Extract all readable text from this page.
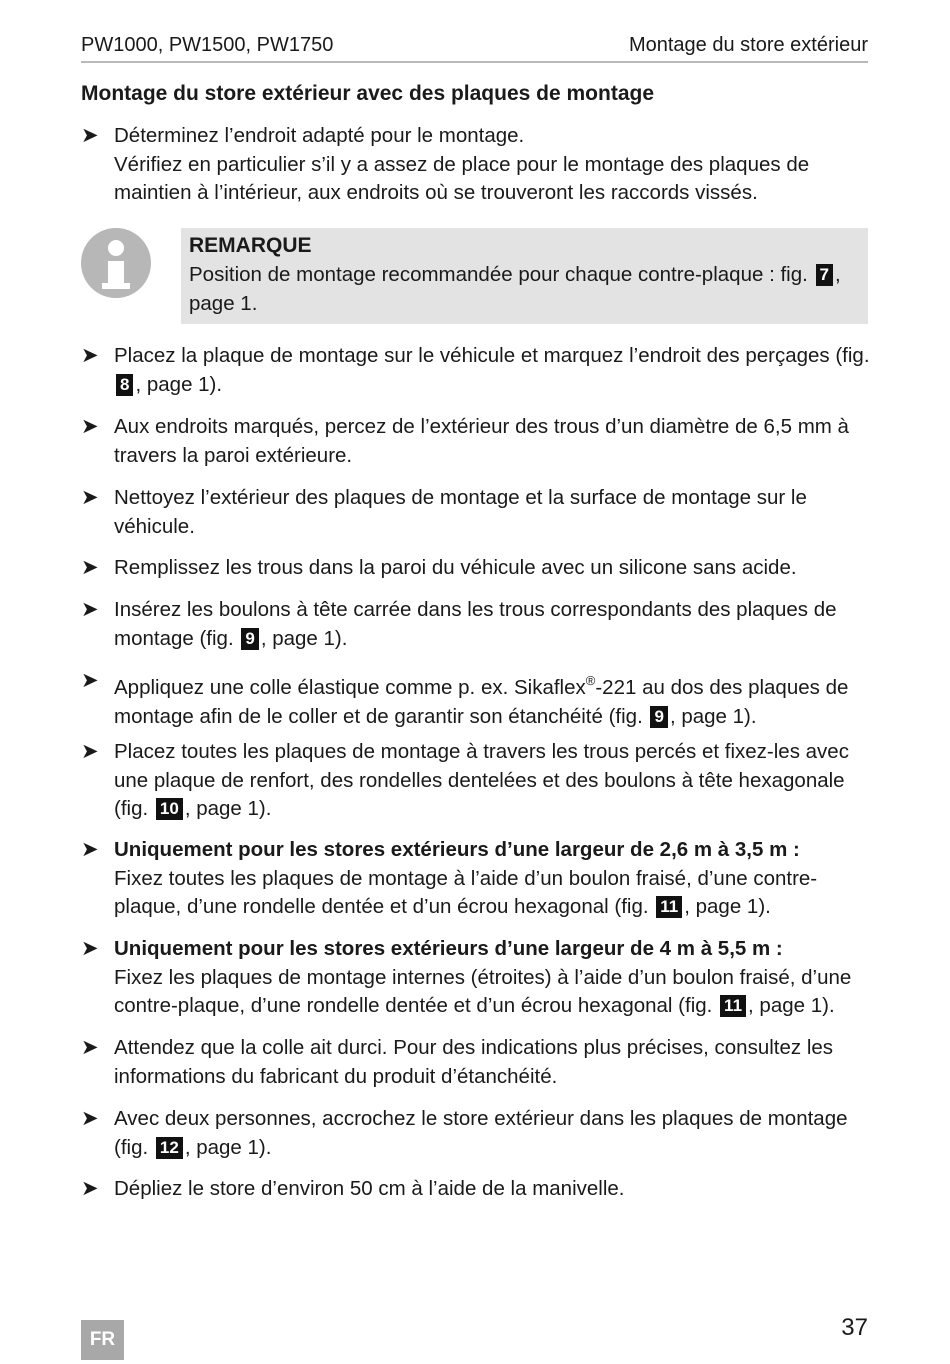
PW1000, PW1500, PW1750	Montage du store extérieur
Montage du store extérieur avec des plaques de montage
➤ Déterminez l’endroit adapté pour le montage.
Vérifiez en particulier s’il y a assez de place pour le montage des plaques de maintien à l’intérieur, aux endroits où se trouveront les raccords vissés.
REMARQUE
Position de montage recommandée pour chaque contre-plaque : fig. 7 , page 1.
➤ Placez la plaque de montage sur le véhicule et marquez l’endroit des perçages (fig. 8 , page 1).
➤ Aux endroits marqués, percez de l’extérieur des trous d’un diamètre de 6,5 mm à travers la paroi extérieure.
➤ Nettoyez l’extérieur des plaques de montage et la surface de montage sur le véhicule.
➤ Remplissez les trous dans la paroi du véhicule avec un silicone sans acide.
➤ Insérez les boulons à tête carrée dans les trous correspondants des plaques de montage (fig. 9 , page 1).
➤ Appliquez une colle élastique comme p. ex. Sikaflex®-221 au dos des plaques de montage afin de le coller et de garantir son étanchéité (fig. 9 , page 1).
➤ Placez toutes les plaques de montage à travers les trous percés et fixez-les avec une plaque de renfort, des rondelles dentelées et des boulons à tête hexagonale (fig. 10 , page 1).
➤ Uniquement pour les stores extérieurs d’une largeur de 2,6 m à 3,5 m :
Fixez toutes les plaques de montage à l’aide d’un boulon fraisé, d’une contre-plaque, d’une rondelle dentée et d’un écrou hexagonal (fig. 11 , page 1).
➤ Uniquement pour les stores extérieurs d’une largeur de 4 m à 5,5 m :
Fixez les plaques de montage internes (étroites) à l’aide d’un boulon fraisé, d’une contre-plaque, d’une rondelle dentée et d’un écrou hexagonal (fig. 11 , page 1).
➤ Attendez que la colle ait durci. Pour des indications plus précises, consultez les informations du fabricant du produit d’étanchéité.
➤ Avec deux personnes, accrochez le store extérieur dans les plaques de montage (fig. 12 , page 1).
➤ Dépliez le store d’environ 50 cm à l’aide de la manivelle.
FR	37
